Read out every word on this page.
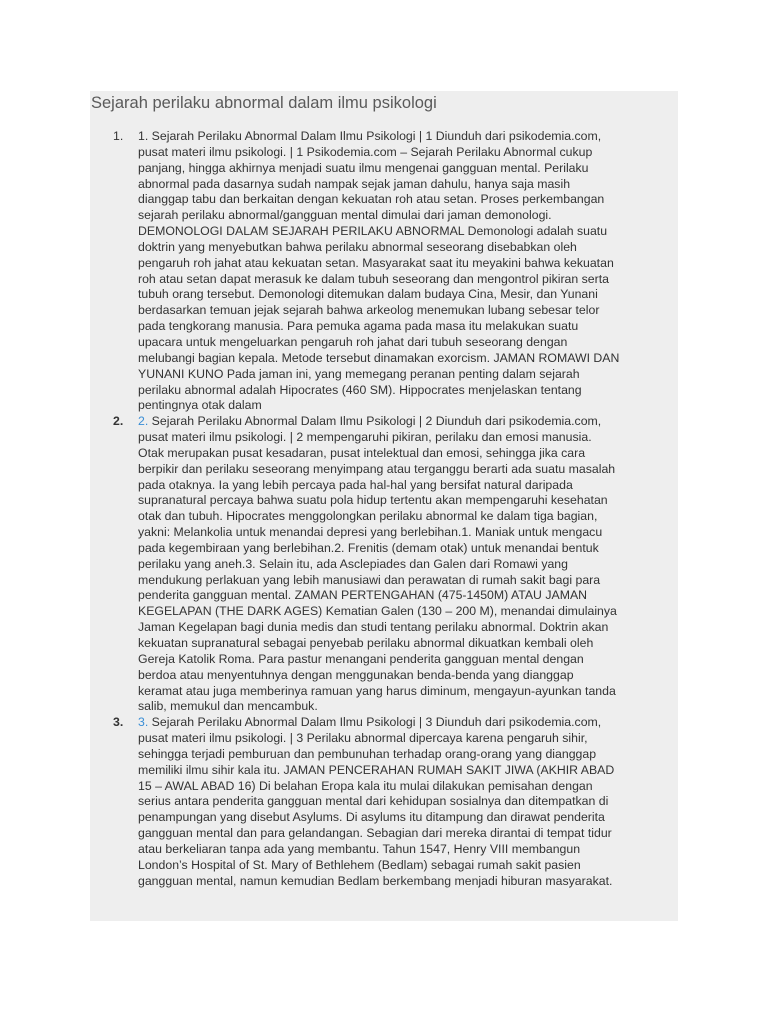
Sejarah perilaku abnormal dalam ilmu psikologi
1. 1. Sejarah Perilaku Abnormal Dalam Ilmu Psikologi | 1 Diunduh dari psikodemia.com,
pusat materi ilmu psikologi. | 1 Psikodemia.com – Sejarah Perilaku Abnormal cukup
panjang, hingga akhirnya menjadi suatu ilmu mengenai gangguan mental. Perilaku
abnormal pada dasarnya sudah nampak sejak jaman dahulu, hanya saja masih
dianggap tabu dan berkaitan dengan kekuatan roh atau setan. Proses perkembangan
sejarah perilaku abnormal/gangguan mental dimulai dari jaman demonologi.
DEMONOLOGI DALAM SEJARAH PERILAKU ABNORMAL Demonologi adalah suatu
doktrin yang menyebutkan bahwa perilaku abnormal seseorang disebabkan oleh
pengaruh roh jahat atau kekuatan setan. Masyarakat saat itu meyakini bahwa kekuatan
roh atau setan dapat merasuk ke dalam tubuh seseorang dan mengontrol pikiran serta
tubuh orang tersebut. Demonologi ditemukan dalam budaya Cina, Mesir, dan Yunani
berdasarkan temuan jejak sejarah bahwa arkeolog menemukan lubang sebesar telor
pada tengkorang manusia. Para pemuka agama pada masa itu melakukan suatu
upacara untuk mengeluarkan pengaruh roh jahat dari tubuh seseorang dengan
melubangi bagian kepala. Metode tersebut dinamakan exorcism. JAMAN ROMAWI DAN
YUNANI KUNO Pada jaman ini, yang memegang peranan penting dalam sejarah
perilaku abnormal adalah Hipocrates (460 SM). Hippocrates menjelaskan tentang
pentingnya otak dalam
2. 2. Sejarah Perilaku Abnormal Dalam Ilmu Psikologi | 2 Diunduh dari psikodemia.com,
pusat materi ilmu psikologi. | 2 mempengaruhi pikiran, perilaku dan emosi manusia.
Otak merupakan pusat kesadaran, pusat intelektual dan emosi, sehingga jika cara
berpikir dan perilaku seseorang menyimpang atau terganggu berarti ada suatu masalah
pada otaknya. Ia yang lebih percaya pada hal-hal yang bersifat natural daripada
supranatural percaya bahwa suatu pola hidup tertentu akan mempengaruhi kesehatan
otak dan tubuh. Hipocrates menggolongkan perilaku abnormal ke dalam tiga bagian,
yakni: Melankolia untuk menandai depresi yang berlebihan.1. Maniak untuk mengacu
pada kegembiraan yang berlebihan.2. Frenitis (demam otak) untuk menandai bentuk
perilaku yang aneh.3. Selain itu, ada Asclepiades dan Galen dari Romawi yang
mendukung perlakuan yang lebih manusiawi dan perawatan di rumah sakit bagi para
penderita gangguan mental. ZAMAN PERTENGAHAN (475-1450M) ATAU JAMAN
KEGELAPAN (THE DARK AGES) Kematian Galen (130 – 200 M), menandai dimulainya
Jaman Kegelapan bagi dunia medis dan studi tentang perilaku abnormal. Doktrin akan
kekuatan supranatural sebagai penyebab perilaku abnormal dikuatkan kembali oleh
Gereja Katolik Roma. Para pastur menangani penderita gangguan mental dengan
berdoa atau menyentuhnya dengan menggunakan benda-benda yang dianggap
keramat atau juga memberinya ramuan yang harus diminum, mengayun-ayunkan tanda
salib, memukul dan mencambuk.
3. 3. Sejarah Perilaku Abnormal Dalam Ilmu Psikologi | 3 Diunduh dari psikodemia.com,
pusat materi ilmu psikologi. | 3 Perilaku abnormal dipercaya karena pengaruh sihir,
sehingga terjadi pemburuan dan pembunuhan terhadap orang-orang yang dianggap
memiliki ilmu sihir kala itu. JAMAN PENCERAHAN RUMAH SAKIT JIWA (AKHIR ABAD
15 – AWAL ABAD 16) Di belahan Eropa kala itu mulai dilakukan pemisahan dengan
serius antara penderita gangguan mental dari kehidupan sosialnya dan ditempatkan di
penampungan yang disebut Asylums. Di asylums itu ditampung dan dirawat penderita
gangguan mental dan para gelandangan. Sebagian dari mereka dirantai di tempat tidur
atau berkeliaran tanpa ada yang membantu. Tahun 1547, Henry VIII membangun
London’s Hospital of St. Mary of Bethlehem (Bedlam) sebagai rumah sakit pasien
gangguan mental, namun kemudian Bedlam berkembang menjadi hiburan masyarakat.
